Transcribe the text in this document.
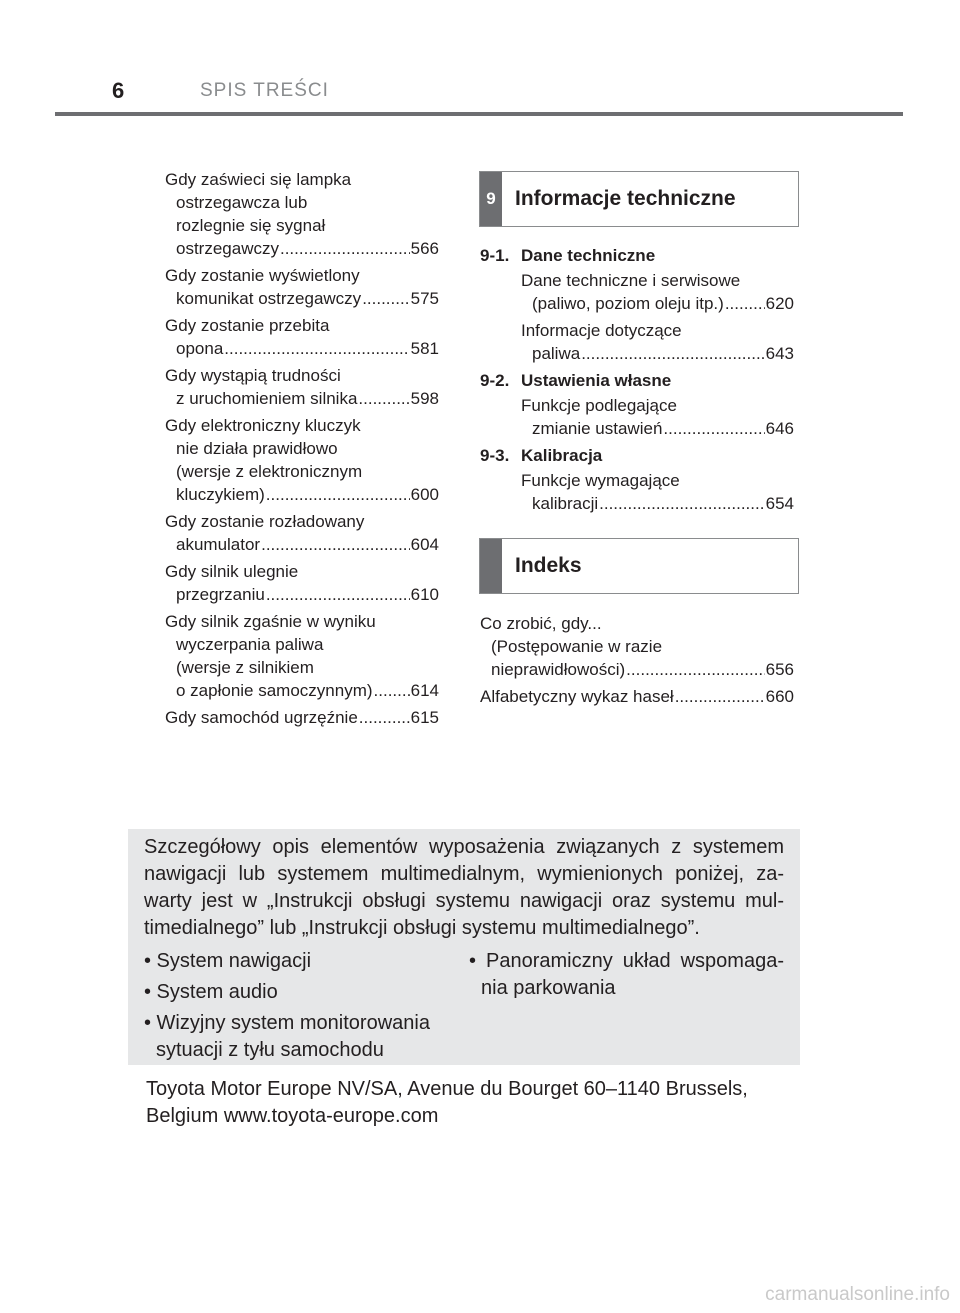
6	SPIS TREŚCI
Gdy zaświeci się lampka
ostrzegawcza lub
rozlegnie się sygnał
ostrzegawczy .....	566
Gdy zostanie wyświetlony
komunikat ostrzegawczy .....	575
Gdy zostanie przebita
opona .....	581
Gdy wystąpią trudności
z uruchomieniem silnika .....	598
Gdy elektroniczny kluczyk
nie działa prawidłowo
(wersje z elektronicznym
kluczykiem) .....	600
Gdy zostanie rozładowany
akumulator .....	604
Gdy silnik ulegnie
przegrzaniu .....	610
Gdy silnik zgaśnie w wyniku
wyczerpania paliwa
(wersje z silnikiem
o zapłonie samoczynnym) ..... 614
Gdy samochód ugrzęźnie .....	615
9 Informacje techniczne
9-1. Dane techniczne
Dane techniczne i serwisowe
(paliwo, poziom oleju itp.) ..... 620
Informacje dotyczące
paliwa .....	643
9-2. Ustawienia własne
Funkcje podlegające
zmianie ustawień .....	646
9-3. Kalibracja
Funkcje wymagające
kalibracji .....	654
Indeks
Co zrobić, gdy...
(Postępowanie w razie
nieprawidłowości) .....	656
Alfabetyczny wykaz haseł .....	660
Szczegółowy opis elementów wyposażenia związanych z systemem nawigacji lub systemem multimedialnym, wymienionych poniżej, zawarty jest w „Instrukcji obsługi systemu nawigacji oraz systemu multimedialnego” lub „Instrukcji obsługi systemu multimedialnego”.
• System nawigacji
• System audio
• Wizyjny system monitorowania sytuacji z tyłu samochodu
• Panoramiczny układ wspomagania parkowania
Toyota Motor Europe NV/SA, Avenue du Bourget 60–1140 Brussels, Belgium www.toyota-europe.com
carmanualsonline.info
